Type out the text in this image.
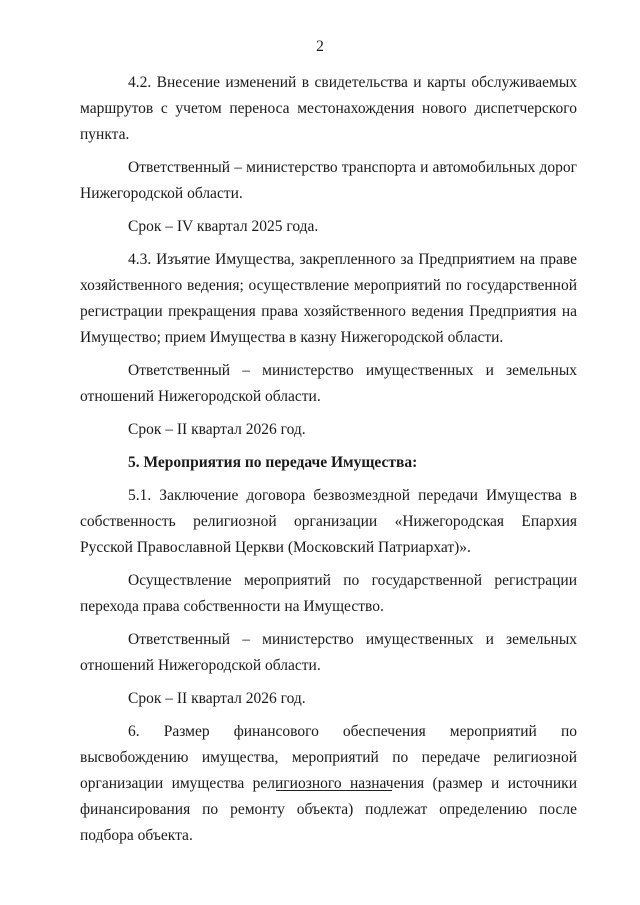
2

4.2. Внесение изменений в свидетельства и карты обслуживаемых маршрутов с учетом переноса местонахождения нового диспетчерского пункта.

Ответственный – министерство транспорта и автомобильных дорог Нижегородской области.

Срок – IV квартал 2025 года.

4.3. Изъятие Имущества, закрепленного за Предприятием на праве хозяйственного ведения; осуществление мероприятий по государственной регистрации прекращения права хозяйственного ведения Предприятия на Имущество; прием Имущества в казну Нижегородской области.

Ответственный – министерство имущественных и земельных отношений Нижегородской области.

Срок – II квартал 2026 год.

5. Мероприятия по передаче Имущества:

5.1. Заключение договора безвозмездной передачи Имущества в собственность религиозной организации «Нижегородская Епархия Русской Православной Церкви (Московский Патриархат)».

Осуществление мероприятий по государственной регистрации перехода права собственности на Имущество.

Ответственный – министерство имущественных и земельных отношений Нижегородской области.

Срок – II квартал 2026 год.

6. Размер финансового обеспечения мероприятий по высвобождению имущества, мероприятий по передаче религиозной организации имущества религиозного назначения (размер и источники финансирования по ремонту объекта) подлежат определению после подбора объекта.
